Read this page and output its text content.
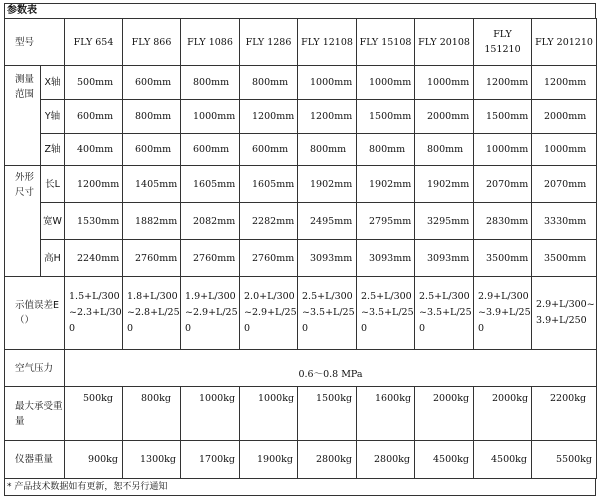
参数表
型号		FLY 654	FLY 866	FLY 1086	FLY 1286	FLY 12108	FLY 15108	FLY 20108	FLY 151210	FLY 201210
测量范围	X轴	500mm	600mm	800mm	800mm	1000mm	1000mm	1000mm	1200mm	1200mm
	Y轴	600mm	800mm	1000mm	1200mm	1200mm	1500mm	2000mm	1500mm	2000mm
	Z轴	400mm	600mm	600mm	600mm	800mm	800mm	800mm	1000mm	1000mm
外形尺寸	长L	1200mm	1405mm	1605mm	1605mm	1902mm	1902mm	1902mm	2070mm	2070mm
	宽W	1530mm	1882mm	2082mm	2282mm	2495mm	2795mm	3295mm	2830mm	3330mm
	高H	2240mm	2760mm	2760mm	2760mm	3093mm	3093mm	3093mm	3500mm	3500mm
示值误差E（）		1.5+L/300~2.3+L/300	1.8+L/300~2.8+L/250	1.9+L/300~2.9+L/250	2.0+L/300~2.9+L/250	2.5+L/300~3.5+L/250	2.5+L/300~3.5+L/250	2.5+L/300~3.5+L/250	2.9+L/300~3.9+L/250	2.9+L/300~3.9+L/250
空气压力		0.6～0.8 MPa								
最大承受重量		500kg	800kg	1000kg	1000kg	1500kg	1600kg	2000kg	2000kg	2200kg
仪器重量		900kg	1300kg	1700kg	1900kg	2800kg	2800kg	4500kg	4500kg	5500kg
* 产品技术数据如有更新，恕不另行通知
